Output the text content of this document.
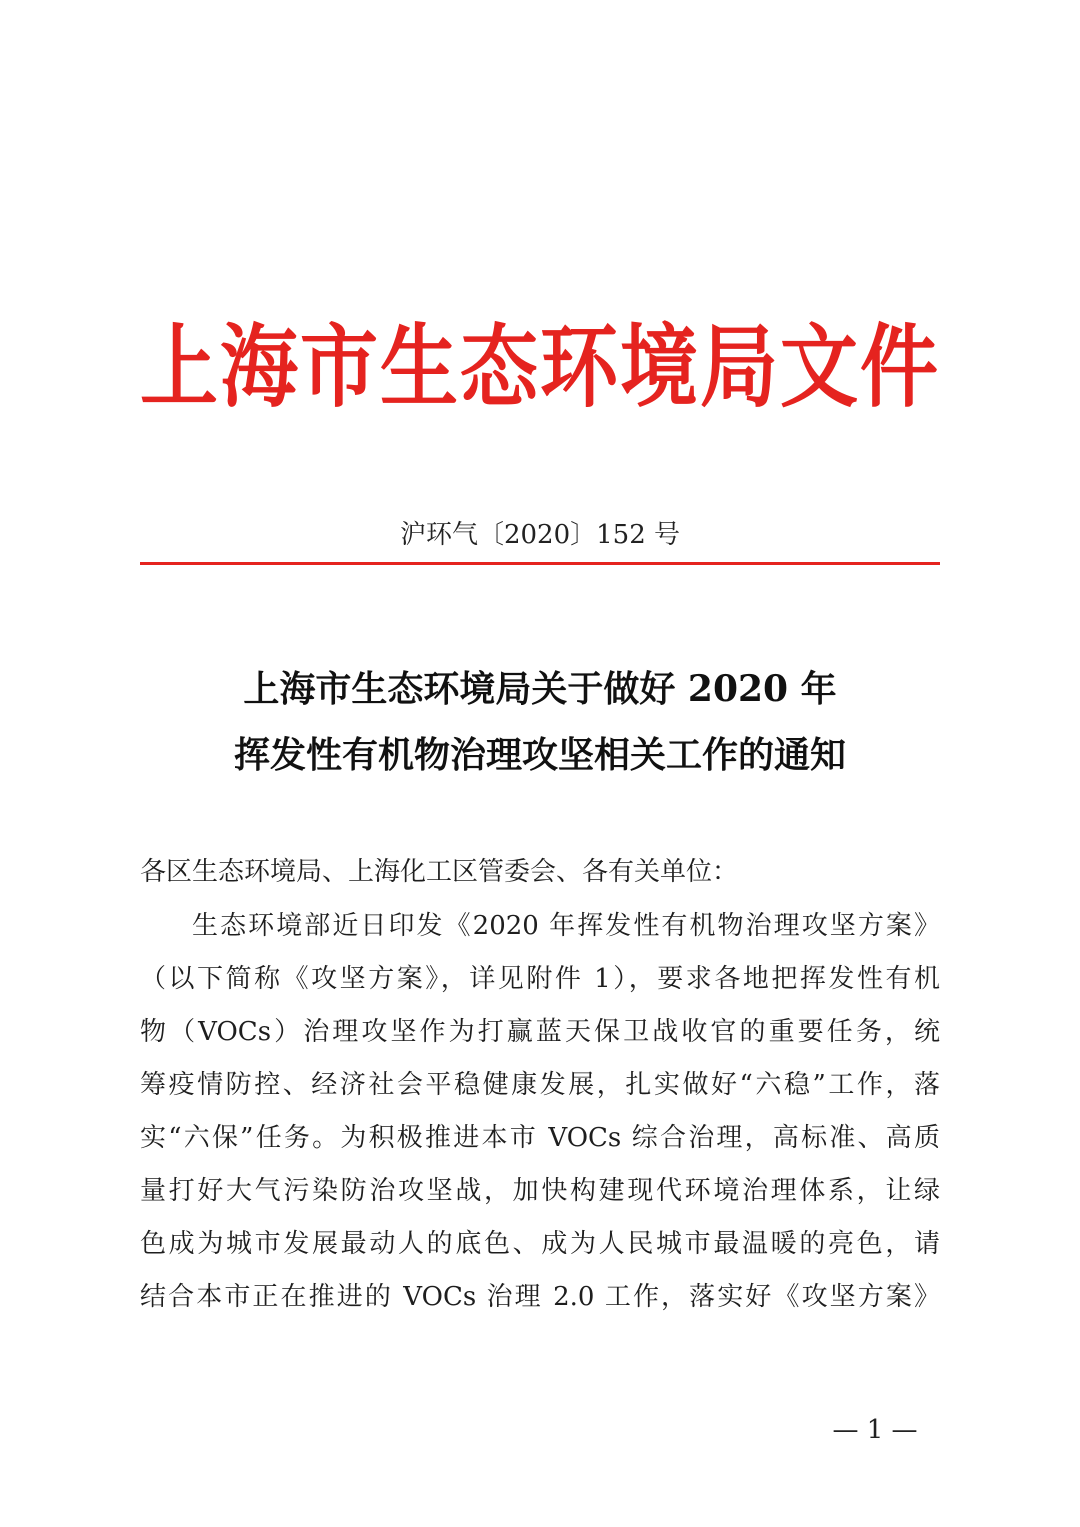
上海市生态环境局文件
沪环气〔2020〕152 号
上海市生态环境局关于做好 2020 年
挥发性有机物治理攻坚相关工作的通知
各区生态环境局、上海化工区管委会、各有关单位：
生态环境部近日印发《2020 年挥发性有机物治理攻坚方案》
（以下简称《攻坚方案》，详见附件 1），要求各地把挥发性有机
物（VOCs）治理攻坚作为打赢蓝天保卫战收官的重要任务，统
筹疫情防控、经济社会平稳健康发展，扎实做好“六稳”工作，落
实“六保”任务。为积极推进本市 VOCs 综合治理，高标准、高质
量打好大气污染防治攻坚战，加快构建现代环境治理体系，让绿
色成为城市发展最动人的底色、成为人民城市最温暖的亮色，请
结合本市正在推进的 VOCs 治理 2.0 工作，落实好《攻坚方案》
— 1 —
